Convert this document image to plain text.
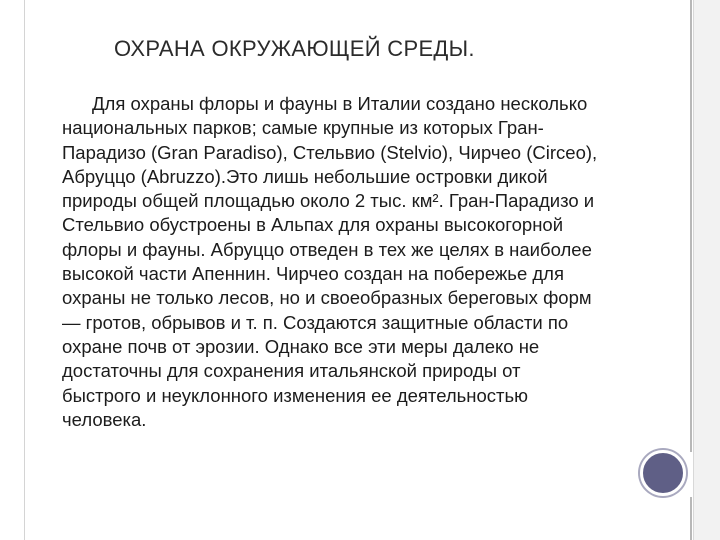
ОХРАНА ОКРУЖАЮЩЕЙ СРЕДЫ.
Для охраны флоры и фауны в Италии создано несколько
национальных парков; самые крупные из которых Гран-
Парадизо (Gran Paradiso), Стельвио (Stelvio), Чирчео (Circeo),
Абруццо (Abruzzo).Это лишь небольшие островки дикой
природы общей площадью около 2 тыс. км². Гран-Парадизо и
Стельвио обустроены в Альпах для охраны высокогорной
флоры и фауны. Абруццо отведен в тех же целях в наиболее
высокой части Апеннин. Чирчео создан на побережье для
охраны не только лесов, но и своеобразных береговых форм
— гротов, обрывов и т. п. Создаются защитные области по
охране почв от эрозии. Однако все эти меры далеко не
достаточны для сохранения итальянской природы от
быстрого и неуклонного изменения ее деятельностью
человека.
